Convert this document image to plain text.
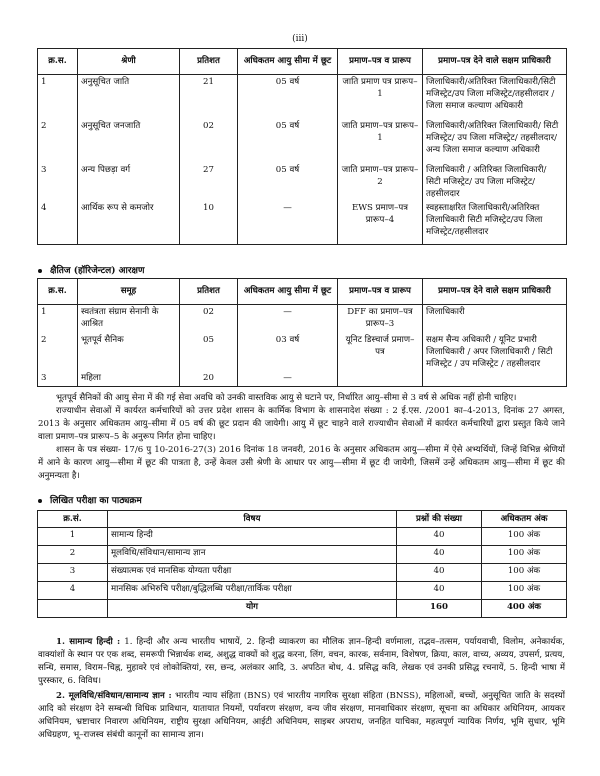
(iii)
क्र.स.	श्रेणी	प्रतिशत	अधिकतम आयु सीमा में छूट	प्रमाण–पत्र व प्रारूप	प्रमाण–पत्र देने वाले सक्षम प्राधिकारी
1	अनुसूचित जाति	21	05 वर्ष	जाति प्रमाण पत्र प्रारूप–1	जिलाधिकारी/अतिरिक्त जिलाधिकारी/सिटी मजिस्ट्रेट/उप जिला मजिस्ट्रेट/तहसीलदार / जिला समाज कल्याण अधिकारी
2	अनुसूचित जनजाति	02	05 वर्ष	जाति प्रमाण–पत्र प्रारूप–1	जिलाधिकारी/अतिरिक्त जिलाधिकारी/ सिटी मजिस्ट्रेट/ उप जिला मजिस्ट्रेट/ तहसीलदार/ अन्य जिला समाज कल्याण अधिकारी
3	अन्य पिछड़ा वर्ग	27	05 वर्ष	जाति प्रमाण–पत्र प्रारूप–2	जिलाधिकारी / अतिरिक्त जिलाधिकारी/ सिटी मजिस्ट्रेट/ उप जिला मजिस्ट्रेट/तहसीलदार
4	आर्थिक रूप से कमजोर	10	—	EWS प्रमाण–पत्र प्रारूप–4	स्वहस्ताक्षरित जिलाधिकारी/अतिरिक्त जिलाधिकारी सिटी मजिस्ट्रेट/उप जिला मजिस्ट्रेट/तहसीलदार
क्षैतिज (हॉरिजेन्टल) आरक्षण
क्र.स.	समूह	प्रतिशत	अधिकतम आयु सीमा में छूट	प्रमाण–पत्र व प्रारूप	प्रमाण–पत्र देने वाले सक्षम प्राधिकारी
1	स्वतंत्रता संग्राम सेनानी के आश्रित	02	—	DFF का प्रमाण–पत्र प्रारूप–3	जिलाधिकारी
2	भूतपूर्व सैनिक	05	03 वर्ष	यूनिट डिस्चार्ज प्रमाण–पत्र	सक्षम सैन्य अधिकारी / यूनिट प्रभारी जिलाधिकारी / अपर जिलाधिकारी / सिटी मजिस्ट्रेट / उप मजिस्ट्रेट / तहसीलदार
3	महिला	20	—		

भूतपूर्व सैनिकों की आयु सेना में की गई सेवा अवधि को उनकी वास्तविक आयु से घटाने पर, निर्धारित आयु–सीमा से 3 वर्ष से अधिक नहीं होनी चाहिए।

राज्याधीन सेवाओं में कार्यरत कर्मचारियों को उत्तर प्रदेश शासन के कार्मिक विभाग के शासनादेश संख्या : 2 ई.एस. /2001 का–4-2013, दिनांक 27 अगस्त, 2013 के अनुसार अधिकतम आयु–सीमा में 05 वर्ष की छूट प्रदान की जायेगी। आयु में छूट चाहने वाले राज्याधीन सेवाओं में कार्यरत कर्मचारियों द्वारा प्रस्तुत किये जाने वाला प्रमाण–पत्र प्रारूप–5 के अनुरूप निर्गत होना चाहिए।

शासन के पत्र संख्या- 17/6 पु 10-2016-27(3) 2016 दिनांक 18 जनवरी, 2016 के अनुसार अधिकतम आयु—सीमा में ऐसे अभ्यर्थियों, जिन्हें विभिन्न श्रेणियों में आने के कारण आयु—सीमा में छूट की पात्रता है, उन्हें केवल उसी श्रेणी के आधार पर आयु—सीमा में छूट दी जायेगी, जिसमें उन्हें अधिकतम आयु—सीमा में छूट की अनुमन्यता है।

लिखित परीक्षा का पाठ्यक्रम
क्र.सं.	विषय	प्रश्नों की संख्या	अधिकतम अंक
1	सामान्य हिन्दी	40	100 अंक
2	मूलविधि/संविधान/सामान्य ज्ञान	40	100 अंक
3	संख्यात्मक एवं मानसिक योग्यता परीक्षा	40	100 अंक
4	मानसिक अभिरुचि परीक्षा/बुद्धिलब्धि परीक्षा/तार्किक परीक्षा	40	100 अंक
	योग	160	400 अंक

1. सामान्य हिन्दी : 1. हिन्दी और अन्य भारतीय भाषायें, 2. हिन्दी व्याकरण का मौलिक ज्ञान–हिन्दी वर्णमाला, तद्भव–तत्सम, पर्यायवाची, विलोम, अनेकार्थक, वाक्यांशों के स्थान पर एक शब्द, समरूपी भिन्नार्थक शब्द, अशुद्ध वाक्यों को शुद्ध करना, लिंग, वचन, कारक, सर्वनाम, विशेषण, क्रिया, काल, वाच्य, अव्यय, उपसर्ग, प्रत्यय, सन्धि, समास, विराम–चिह्न, मुहावरे एवं लोकोक्तियां, रस, छन्द, अलंकार आदि, 3. अपठित बोध, 4. प्रसिद्ध कवि, लेखक एवं उनकी प्रसिद्ध रचनायें, 5. हिन्दी भाषा में पुरस्कार, 6. विविध।

2. मूलविधि/संविधान/सामान्य ज्ञान : भारतीय न्याय संहिता (BNS) एवं भारतीय नागरिक सुरक्षा संहिता (BNSS), महिलाओं, बच्चों, अनुसूचित जाति के सदस्यों आदि को संरक्षण देने सम्बन्धी विधिक प्राविधान, यातायात नियमों, पर्यावरण संरक्षण, वन्य जीव संरक्षण, मानवाधिकार संरक्षण, सूचना का अधिकार अधिनियम, आयकर अधिनियम, भ्रष्टाचार निवारण अधिनियम, राष्ट्रीय सुरक्षा अधिनियम, आईटी अधिनियम, साइबर अपराध, जनहित याचिका, महत्वपूर्ण न्यायिक निर्णय, भूमि सुधार, भूमि अधिग्रहण, भू–राजस्व संबंधी कानूनों का सामान्य ज्ञान।
